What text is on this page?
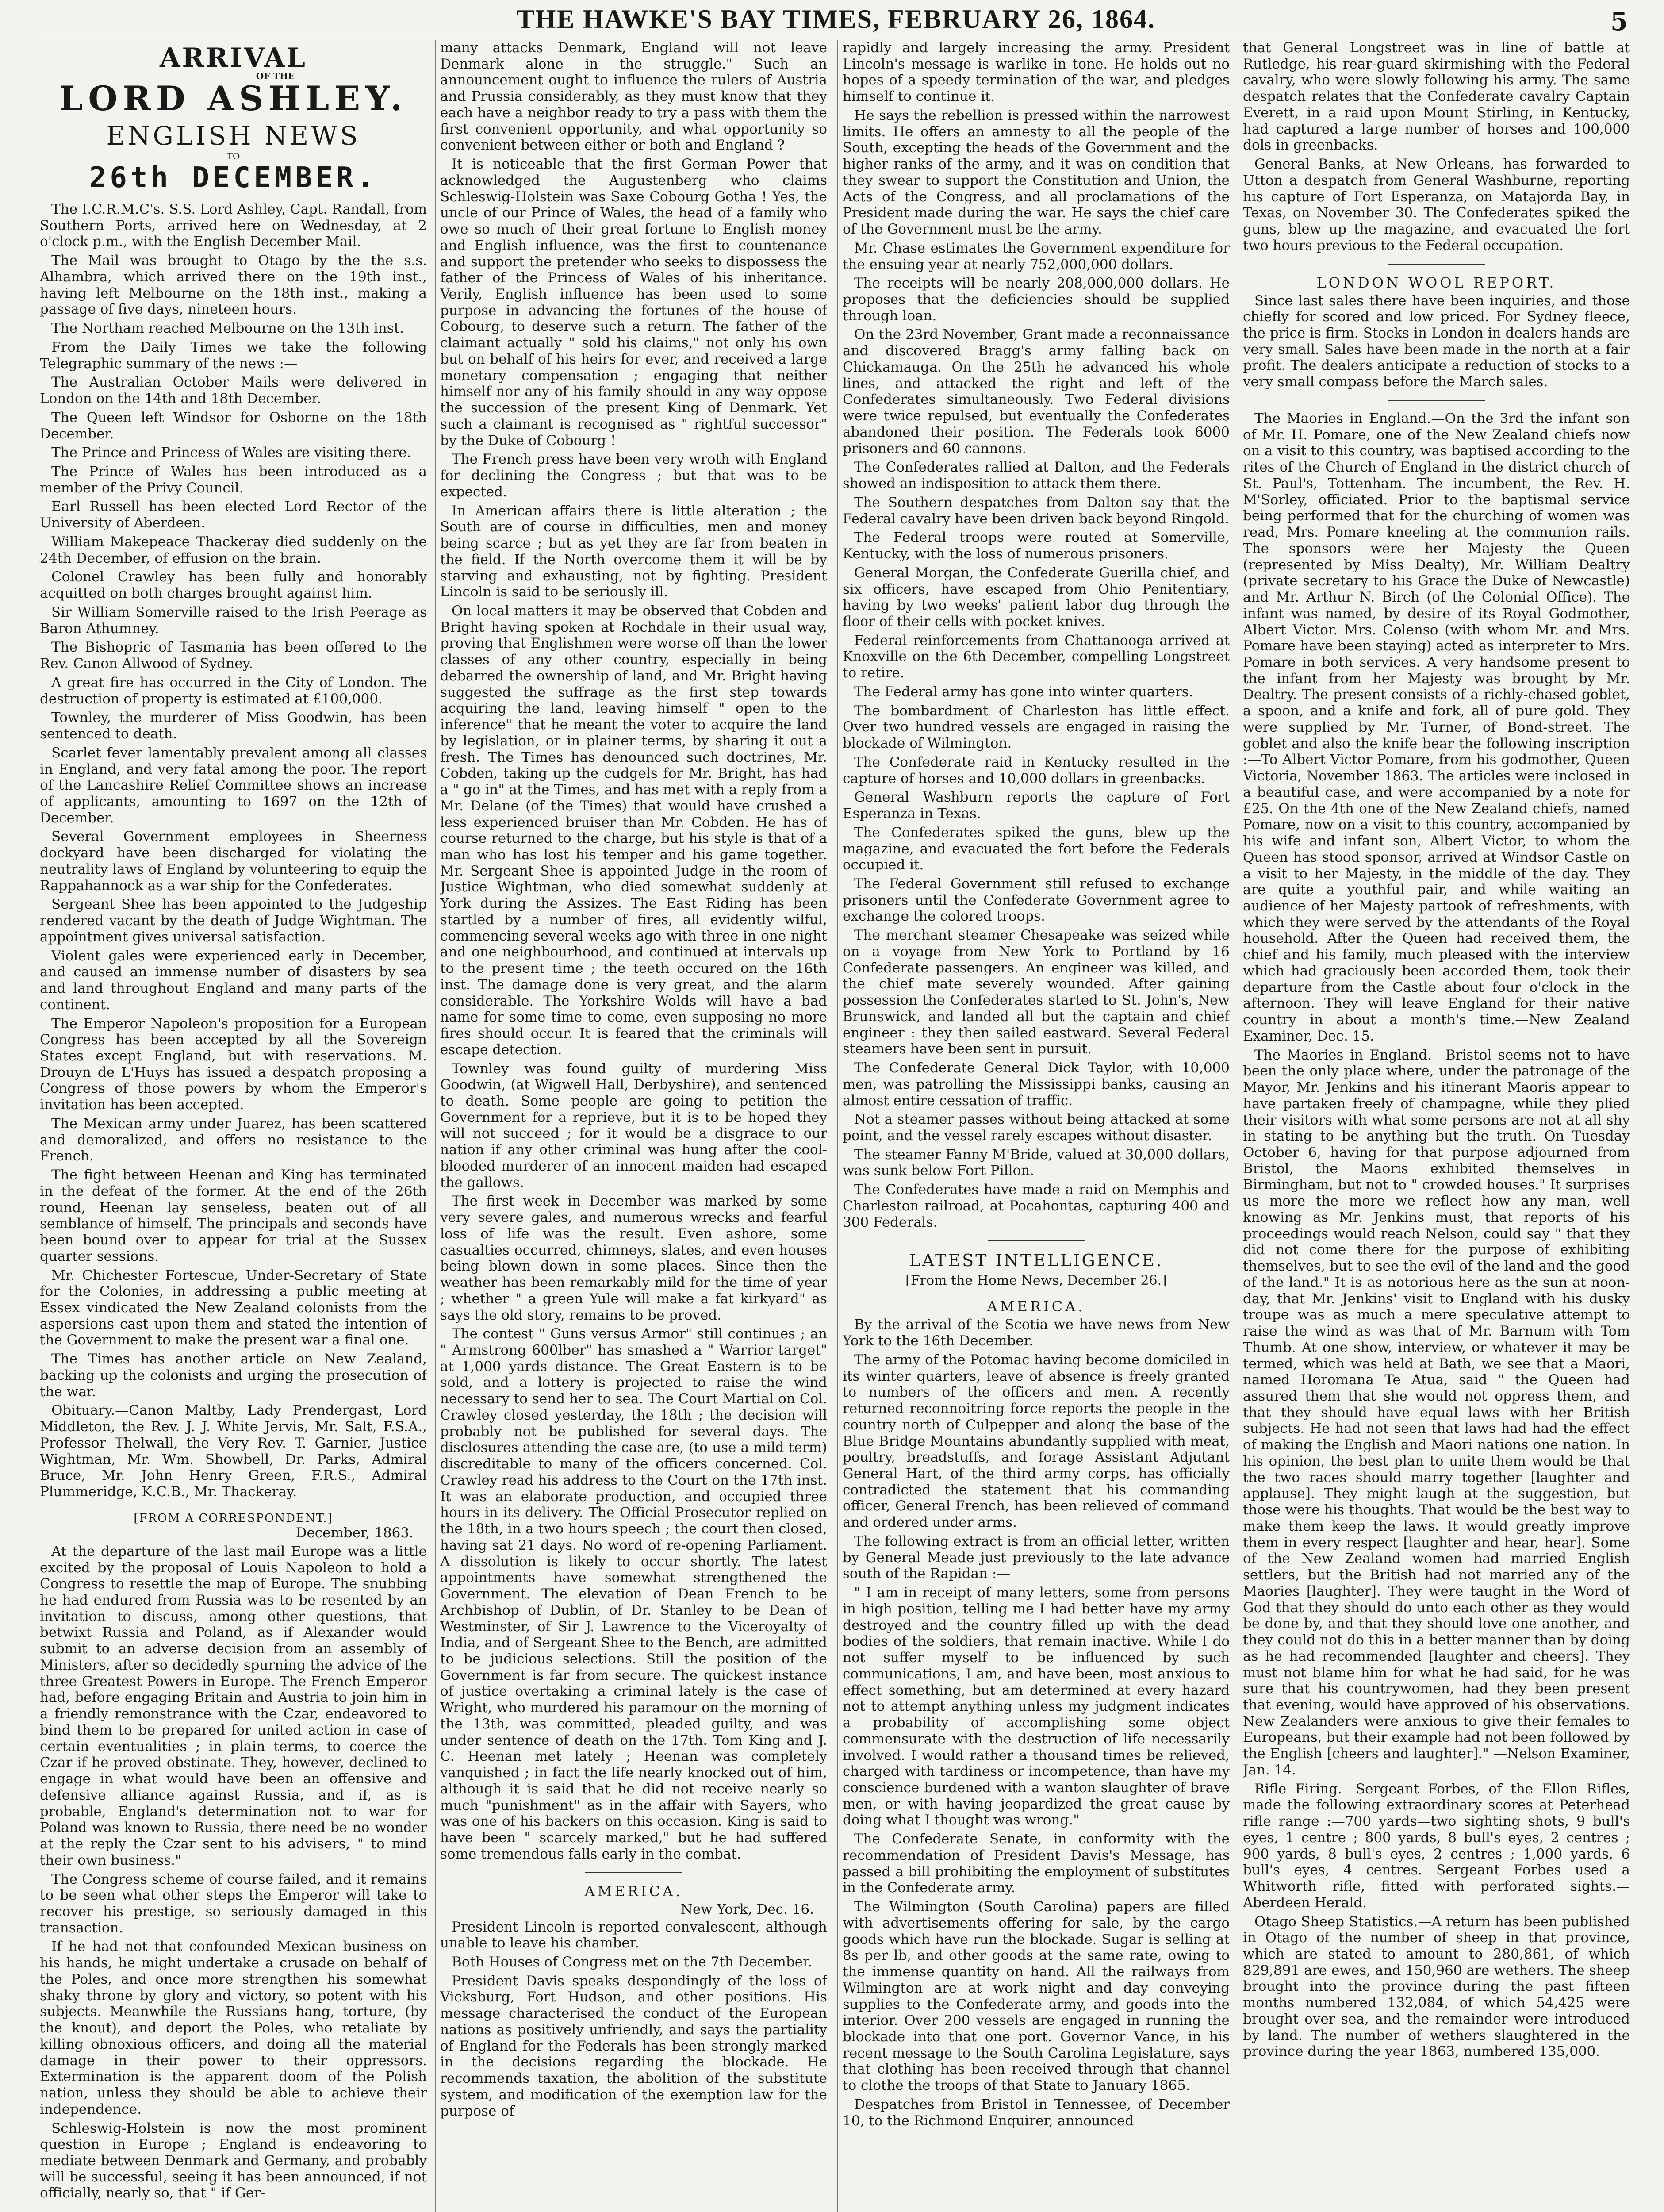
THE HAWKE'S BAY TIMES, FEBRUARY 26, 1864.	5
ARRIVAL
OF THE
LORD ASHLEY.
ENGLISH NEWS
TO
26th DECEMBER.

The I.C.R.M.C's. S.S. Lord Ashley, Capt. Randall, from Southern Ports, arrived here on Wednesday, at 2 o'clock p.m., with the English December Mail.

The Mail was brought to Otago by the the s.s. Alhambra, which arrived there on the 19th inst., having left Melbourne on the 18th inst., making a passage of five days, nineteen hours.

The Northam reached Melbourne on the 13th inst.

From the Daily Times we take the following Telegraphic summary of the news :—

The Australian October Mails were delivered in London on the 14th and 18th December.

The Queen left Windsor for Osborne on the 18th December.

The Prince and Princess of Wales are visiting there.

The Prince of Wales has been introduced as a member of the Privy Council.

Earl Russell has been elected Lord Rector of the University of Aberdeen.

William Makepeace Thackeray died suddenly on the 24th December, of effusion on the brain.

Colonel Crawley has been fully and honorably acquitted on both charges brought against him.

Sir William Somerville raised to the Irish Peerage as Baron Athumney.

The Bishopric of Tasmania has been offered to the Rev. Canon Allwood of Sydney.

A great fire has occurred in the City of London. The destruction of property is estimated at £100,000.

Townley, the murderer of Miss Goodwin, has been sentenced to death.

Scarlet fever lamentably prevalent among all classes in England, and very fatal among the poor. The report of the Lancashire Relief Committee shows an increase of applicants, amounting to 1697 on the 12th of December.

Several Government employees in Sheerness dockyard have been discharged for violating the neutrality laws of England by volunteering to equip the Rappahannock as a war ship for the Confederates.

Sergeant Shee has been appointed to the Judgeship rendered vacant by the death of Judge Wightman. The appointment gives universal satisfaction.

Violent gales were experienced early in December, and caused an immense number of disasters by sea and land throughout England and many parts of the continent.

The Emperor Napoleon's proposition for a European Congress has been accepted by all the Sovereign States except England, but with reservations. M. Drouyn de L'Huys has issued a despatch proposing a Congress of those powers by whom the Emperor's invitation has been accepted.

The Mexican army under Juarez, has been scattered and demoralized, and offers no resistance to the French.

The fight between Heenan and King has terminated in the defeat of the former. At the end of the 26th round, Heenan lay senseless, beaten out of all semblance of himself. The principals and seconds have been bound over to appear for trial at the Sussex quarter sessions.

Mr. Chichester Fortescue, Under-Secretary of State for the Colonies, in addressing a public meeting at Essex vindicated the New Zealand colonists from the aspersions cast upon them and stated the intention of the Government to make the present war a final one.

The Times has another article on New Zealand, backing up the colonists and urging the prosecution of the war.

Obituary.—Canon Maltby, Lady Prendergast, Lord Middleton, the Rev. J. J. White Jervis, Mr. Salt, F.S.A., Professor Thelwall, the Very Rev. T. Garnier, Justice Wightman, Mr. Wm. Showbell, Dr. Parks, Admiral Bruce, Mr. John Henry Green, F.R.S., Admiral Plummeridge, K.C.B., Mr. Thackeray.

[FROM A CORRESPONDENT.]
December, 1863.

At the departure of the last mail Europe was a little excited by the proposal of Louis Napoleon to hold a Congress to resettle the map of Europe. The snubbing he had endured from Russia was to be resented by an invitation to discuss, among other questions, that betwixt Russia and Poland, as if Alexander would submit to an adverse decision from an assembly of Ministers, after so decidedly spurning the advice of the three Greatest Powers in Europe. The French Emperor had, before engaging Britain and Austria to join him in a friendly remonstrance with the Czar, endeavored to bind them to be prepared for united action in case of certain eventualities ; in plain terms, to coerce the Czar if he proved obstinate. They, however, declined to engage in what would have been an offensive and defensive alliance against Russia, and if, as is probable, England's determination not to war for Poland was known to Russia, there need be no wonder at the reply the Czar sent to his advisers, " to mind their own business."

The Congress scheme of course failed, and it remains to be seen what other steps the Emperor will take to recover his prestige, so seriously damaged in this transaction.

If he had not that confounded Mexican business on his hands, he might undertake a crusade on behalf of the Poles, and once more strengthen his somewhat shaky throne by glory and victory, so potent with his subjects. Meanwhile the Russians hang, torture, (by the knout), and deport the Poles, who retaliate by killing obnoxious officers, and doing all the material damage in their power to their oppressors. Extermination is the apparent doom of the Polish nation, unless they should be able to achieve their independence.

Schleswig-Holstein is now the most prominent question in Europe ; England is endeavoring to mediate between Denmark and Germany, and probably will be successful, seeing it has been announced, if not officially, nearly so, that " if Ger-

many attacks Denmark, England will not leave Denmark alone in the struggle." Such an announcement ought to influence the rulers of Austria and Prussia considerably, as they must know that they each have a neighbor ready to try a pass with them the first convenient opportunity, and what opportunity so convenient between either or both and England ?

It is noticeable that the first German Power that acknowledged the Augustenberg who claims Schleswig-Holstein was Saxe Cobourg Gotha ! Yes, the uncle of our Prince of Wales, the head of a family who owe so much of their great fortune to English money and English influence, was the first to countenance and support the pretender who seeks to dispossess the father of the Princess of Wales of his inheritance. Verily, English influence has been used to some purpose in advancing the fortunes of the house of Cobourg, to deserve such a return. The father of the claimant actually " sold his claims," not only his own but on behalf of his heirs for ever, and received a large monetary compensation ; engaging that neither himself nor any of his family should in any way oppose the succession of the present King of Denmark. Yet such a claimant is recognised as " rightful successor" by the Duke of Cobourg !

The French press have been very wroth with England for declining the Congress ; but that was to be expected.

In American affairs there is little alteration ; the South are of course in difficulties, men and money being scarce ; but as yet they are far from beaten in the field. If the North overcome them it will be by starving and exhausting, not by fighting. President Lincoln is said to be seriously ill.

On local matters it may be observed that Cobden and Bright having spoken at Rochdale in their usual way, proving that Englishmen were worse off than the lower classes of any other country, especially in being debarred the ownership of land, and Mr. Bright having suggested the suffrage as the first step towards acquiring the land, leaving himself " open to the inference" that he meant the voter to acquire the land by legislation, or in plainer terms, by sharing it out a fresh. The Times has denounced such doctrines, Mr. Cobden, taking up the cudgels for Mr. Bright, has had a " go in" at the Times, and has met with a reply from a Mr. Delane (of the Times) that would have crushed a less experienced bruiser than Mr. Cobden. He has of course returned to the charge, but his style is that of a man who has lost his temper and his game together. Mr. Sergeant Shee is appointed Judge in the room of Justice Wightman, who died somewhat suddenly at York during the Assizes. The East Riding has been startled by a number of fires, all evidently wilful, commencing several weeks ago with three in one night and one neighbourhood, and continued at intervals up to the present time ; the teeth occured on the 16th inst. The damage done is very great, and the alarm considerable. The Yorkshire Wolds will have a bad name for some time to come, even supposing no more fires should occur. It is feared that the criminals will escape detection.

Townley was found guilty of murdering Miss Goodwin, (at Wigwell Hall, Derbyshire), and sentenced to death. Some people are going to petition the Government for a reprieve, but it is to be hoped they will not succeed ; for it would be a disgrace to our nation if any other criminal was hung after the cool-blooded murderer of an innocent maiden had escaped the gallows.

The first week in December was marked by some very severe gales, and numerous wrecks and fearful loss of life was the result. Even ashore, some casualties occurred, chimneys, slates, and even houses being blown down in some places. Since then the weather has been remarkably mild for the time of year ; whether " a green Yule will make a fat kirkyard" as says the old story, remains to be proved.

The contest " Guns versus Armor" still continues ; an " Armstrong 600lber" has smashed a " Warrior target" at 1,000 yards distance. The Great Eastern is to be sold, and a lottery is projected to raise the wind necessary to send her to sea. The Court Martial on Col. Crawley closed yesterday, the 18th ; the decision will probably not be published for several days. The disclosures attending the case are, (to use a mild term) discreditable to many of the officers concerned. Col. Crawley read his address to the Court on the 17th inst. It was an elaborate production, and occupied three hours in its delivery. The Official Prosecutor replied on the 18th, in a two hours speech ; the court then closed, having sat 21 days. No word of re-opening Parliament. A dissolution is likely to occur shortly. The latest appointments have somewhat strengthened the Government. The elevation of Dean French to be Archbishop of Dublin, of Dr. Stanley to be Dean of Westminster, of Sir J. Lawrence to the Viceroyalty of India, and of Sergeant Shee to the Bench, are admitted to be judicious selections. Still the position of the Government is far from secure. The quickest instance of justice overtaking a criminal lately is the case of Wright, who murdered his paramour on the morning of the 13th, was committed, pleaded guilty, and was under sentence of death on the 17th. Tom King and J. C. Heenan met lately ; Heenan was completely vanquished ; in fact the life nearly knocked out of him, although it is said that he did not receive nearly so much "punishment" as in the affair with Sayers, who was one of his backers on this occasion. King is said to have been " scarcely marked," but he had suffered some tremendous falls early in the combat.

AMERICA.
New York, Dec. 16.

President Lincoln is reported convalescent, although unable to leave his chamber.

Both Houses of Congress met on the 7th December.

President Davis speaks despondingly of the loss of Vicksburg, Fort Hudson, and other positions. His message characterised the conduct of the European nations as positively unfriendly, and says the partiality of England for the Federals has been strongly marked in the decisions regarding the blockade. He recommends taxation, the abolition of the substitute system, and modification of the exemption law for the purpose of

rapidly and largely increasing the army. President Lincoln's message is warlike in tone. He holds out no hopes of a speedy termination of the war, and pledges himself to continue it.

He says the rebellion is pressed within the narrowest limits. He offers an amnesty to all the people of the South, excepting the heads of the Government and the higher ranks of the army, and it was on condition that they swear to support the Constitution and Union, the Acts of the Congress, and all proclamations of the President made during the war. He says the chief care of the Government must be the army.

Mr. Chase estimates the Government expenditure for the ensuing year at nearly 752,000,000 dollars.

The receipts will be nearly 208,000,000 dollars. He proposes that the deficiencies should be supplied through loan.

On the 23rd November, Grant made a reconnaissance and discovered Bragg's army falling back on Chickamauga. On the 25th he advanced his whole lines, and attacked the right and left of the Confederates simultaneously. Two Federal divisions were twice repulsed, but eventually the Confederates abandoned their position. The Federals took 6000 prisoners and 60 cannons.

The Confederates rallied at Dalton, and the Federals showed an indisposition to attack them there.

The Southern despatches from Dalton say that the Federal cavalry have been driven back beyond Ringold.

The Federal troops were routed at Somerville, Kentucky, with the loss of numerous prisoners.

General Morgan, the Confederate Guerilla chief, and six officers, have escaped from Ohio Penitentiary, having by two weeks' patient labor dug through the floor of their cells with pocket knives.

Federal reinforcements from Chattanooga arrived at Knoxville on the 6th December, compelling Longstreet to retire.

The Federal army has gone into winter quarters.

The bombardment of Charleston has little effect. Over two hundred vessels are engaged in raising the blockade of Wilmington.

The Confederate raid in Kentucky resulted in the capture of horses and 10,000 dollars in greenbacks.

General Washburn reports the capture of Fort Esperanza in Texas.

The Confederates spiked the guns, blew up the magazine, and evacuated the fort before the Federals occupied it.

The Federal Government still refused to exchange prisoners until the Confederate Government agree to exchange the colored troops.

The merchant steamer Chesapeake was seized while on a voyage from New York to Portland by 16 Confederate passengers. An engineer was killed, and the chief mate severely wounded. After gaining possession the Confederates started to St. John's, New Brunswick, and landed all but the captain and chief engineer : they then sailed eastward. Several Federal steamers have been sent in pursuit.

The Confederate General Dick Taylor, with 10,000 men, was patrolling the Mississippi banks, causing an almost entire cessation of traffic.

Not a steamer passes without being attacked at some point, and the vessel rarely escapes without disaster.

The steamer Fanny M'Bride, valued at 30,000 dollars, was sunk below Fort Pillon.

The Confederates have made a raid on Memphis and Charleston railroad, at Pocahontas, capturing 400 and 300 Federals.

LATEST INTELLIGENCE.
[From the Home News, December 26.]
AMERICA.

By the arrival of the Scotia we have news from New York to the 16th December.

The army of the Potomac having become domiciled in its winter quarters, leave of absence is freely granted to numbers of the officers and men. A recently returned reconnoitring force reports the people in the country north of Culpepper and along the base of the Blue Bridge Mountains abundantly supplied with meat, poultry, breadstuffs, and forage Assistant Adjutant General Hart, of the third army corps, has officially contradicted the statement that his commanding officer, General French, has been relieved of command and ordered under arms.

The following extract is from an official letter, written by General Meade just previously to the late advance south of the Rapidan :—

" I am in receipt of many letters, some from persons in high position, telling me I had better have my army destroyed and the country filled up with the dead bodies of the soldiers, that remain inactive. While I do not suffer myself to be influenced by such communications, I am, and have been, most anxious to effect something, but am determined at every hazard not to attempt anything unless my judgment indicates a probability of accomplishing some object commensurate with the destruction of life necessarily involved. I would rather a thousand times be relieved, charged with tardiness or incompetence, than have my conscience burdened with a wanton slaughter of brave men, or with having jeopardized the great cause by doing what I thought was wrong."

The Confederate Senate, in conformity with the recommendation of President Davis's Message, has passed a bill prohibiting the employment of substitutes in the Confederate army.

The Wilmington (South Carolina) papers are filled with advertisements offering for sale, by the cargo goods which have run the blockade. Sugar is selling at 8s per lb, and other goods at the same rate, owing to the immense quantity on hand. All the railways from Wilmington are at work night and day conveying supplies to the Confederate army, and goods into the interior. Over 200 vessels are engaged in running the blockade into that one port. Governor Vance, in his recent message to the South Carolina Legislature, says that clothing has been received through that channel to clothe the troops of that State to January 1865.

Despatches from Bristol in Tennessee, of December 10, to the Richmond Enquirer, announced

that General Longstreet was in line of battle at Rutledge, his rear-guard skirmishing with the Federal cavalry, who were slowly following his army. The same despatch relates that the Confederate cavalry Captain Everett, in a raid upon Mount Stirling, in Kentucky, had captured a large number of horses and 100,000 dols in greenbacks.

General Banks, at New Orleans, has forwarded to Utton a despatch from General Washburne, reporting his capture of Fort Esperanza, on Matajorda Bay, in Texas, on November 30. The Confederates spiked the guns, blew up the magazine, and evacuated the fort two hours previous to the Federal occupation.

LONDON WOOL REPORT.

Since last sales there have been inquiries, and those chiefly for scored and low priced. For Sydney fleece, the price is firm. Stocks in London in dealers hands are very small. Sales have been made in the north at a fair profit. The dealers anticipate a reduction of stocks to a very small compass before the March sales.

The Maories in England.—On the 3rd the infant son of Mr. H. Pomare, one of the New Zealand chiefs now on a visit to this country, was baptised according to the rites of the Church of England in the district church of St. Paul's, Tottenham. The incumbent, the Rev. H. M'Sorley, officiated. Prior to the baptismal service being performed that for the churching of women was read, Mrs. Pomare kneeling at the communion rails. The sponsors were her Majesty the Queen (represented by Miss Dealty), Mr. William Dealtry (private secretary to his Grace the Duke of Newcastle) and Mr. Arthur N. Birch (of the Colonial Office). The infant was named, by desire of its Royal Godmother, Albert Victor. Mrs. Colenso (with whom Mr. and Mrs. Pomare have been staying) acted as interpreter to Mrs. Pomare in both services. A very handsome present to the infant from her Majesty was brought by Mr. Dealtry. The present consists of a richly-chased goblet, a spoon, and a knife and fork, all of pure gold. They were supplied by Mr. Turner, of Bond-street. The goblet and also the knife bear the following inscription :—To Albert Victor Pomare, from his godmother, Queen Victoria, November 1863. The articles were inclosed in a beautiful case, and were accompanied by a note for £25. On the 4th one of the New Zealand chiefs, named Pomare, now on a visit to this country, accompanied by his wife and infant son, Albert Victor, to whom the Queen has stood sponsor, arrived at Windsor Castle on a visit to her Majesty, in the middle of the day. They are quite a youthful pair, and while waiting an audience of her Majesty partook of refreshments, with which they were served by the attendants of the Royal household. After the Queen had received them, the chief and his family, much pleased with the interview which had graciously been accorded them, took their departure from the Castle about four o'clock in the afternoon. They will leave England for their native country in about a month's time.—New Zealand Examiner, Dec. 15.

The Maories in England.—Bristol seems not to have been the only place where, under the patronage of the Mayor, Mr. Jenkins and his itinerant Maoris appear to have partaken freely of champagne, while they plied their visitors with what some persons are not at all shy in stating to be anything but the truth. On Tuesday October 6, having for that purpose adjourned from Bristol, the Maoris exhibited themselves in Birmingham, but not to " crowded houses." It surprises us more the more we reflect how any man, well knowing as Mr. Jenkins must, that reports of his proceedings would reach Nelson, could say " that they did not come there for the purpose of exhibiting themselves, but to see the evil of the land and the good of the land." It is as notorious here as the sun at noon-day, that Mr. Jenkins' visit to England with his dusky troupe was as much a mere speculative attempt to raise the wind as was that of Mr. Barnum with Tom Thumb. At one show, interview, or whatever it may be termed, which was held at Bath, we see that a Maori, named Horomana Te Atua, said " the Queen had assured them that she would not oppress them, and that they should have equal laws with her British subjects. He had not seen that laws had had the effect of making the English and Maori nations one nation. In his opinion, the best plan to unite them would be that the two races should marry together [laughter and applause]. They might laugh at the suggestion, but those were his thoughts. That would be the best way to make them keep the laws. It would greatly improve them in every respect [laughter and hear, hear]. Some of the New Zealand women had married English settlers, but the British had not married any of the Maories [laughter]. They were taught in the Word of God that they should do unto each other as they would be done by, and that they should love one another, and they could not do this in a better manner than by doing as he had recommended [laughter and cheers]. They must not blame him for what he had said, for he was sure that his countrywomen, had they been present that evening, would have approved of his observations. New Zealanders were anxious to give their females to Europeans, but their example had not been followed by the English [cheers and laughter]." —Nelson Examiner, Jan. 14.

Rifle Firing.—Sergeant Forbes, of the Ellon Rifles, made the following extraordinary scores at Peterhead rifle range :—700 yards—two sighting shots, 9 bull's eyes, 1 centre ; 800 yards, 8 bull's eyes, 2 centres ; 900 yards, 8 bull's eyes, 2 centres ; 1,000 yards, 6 bull's eyes, 4 centres. Sergeant Forbes used a Whitworth rifle, fitted with perforated sights.—Aberdeen Herald.

Otago Sheep Statistics.—A return has been published in Otago of the number of sheep in that province, which are stated to amount to 280,861, of which 829,891 are ewes, and 150,960 are wethers. The sheep brought into the province during the past fifteen months numbered 132,084, of which 54,425 were brought over sea, and the remainder were introduced by land. The number of wethers slaughtered in the province during the year 1863, numbered 135,000.
